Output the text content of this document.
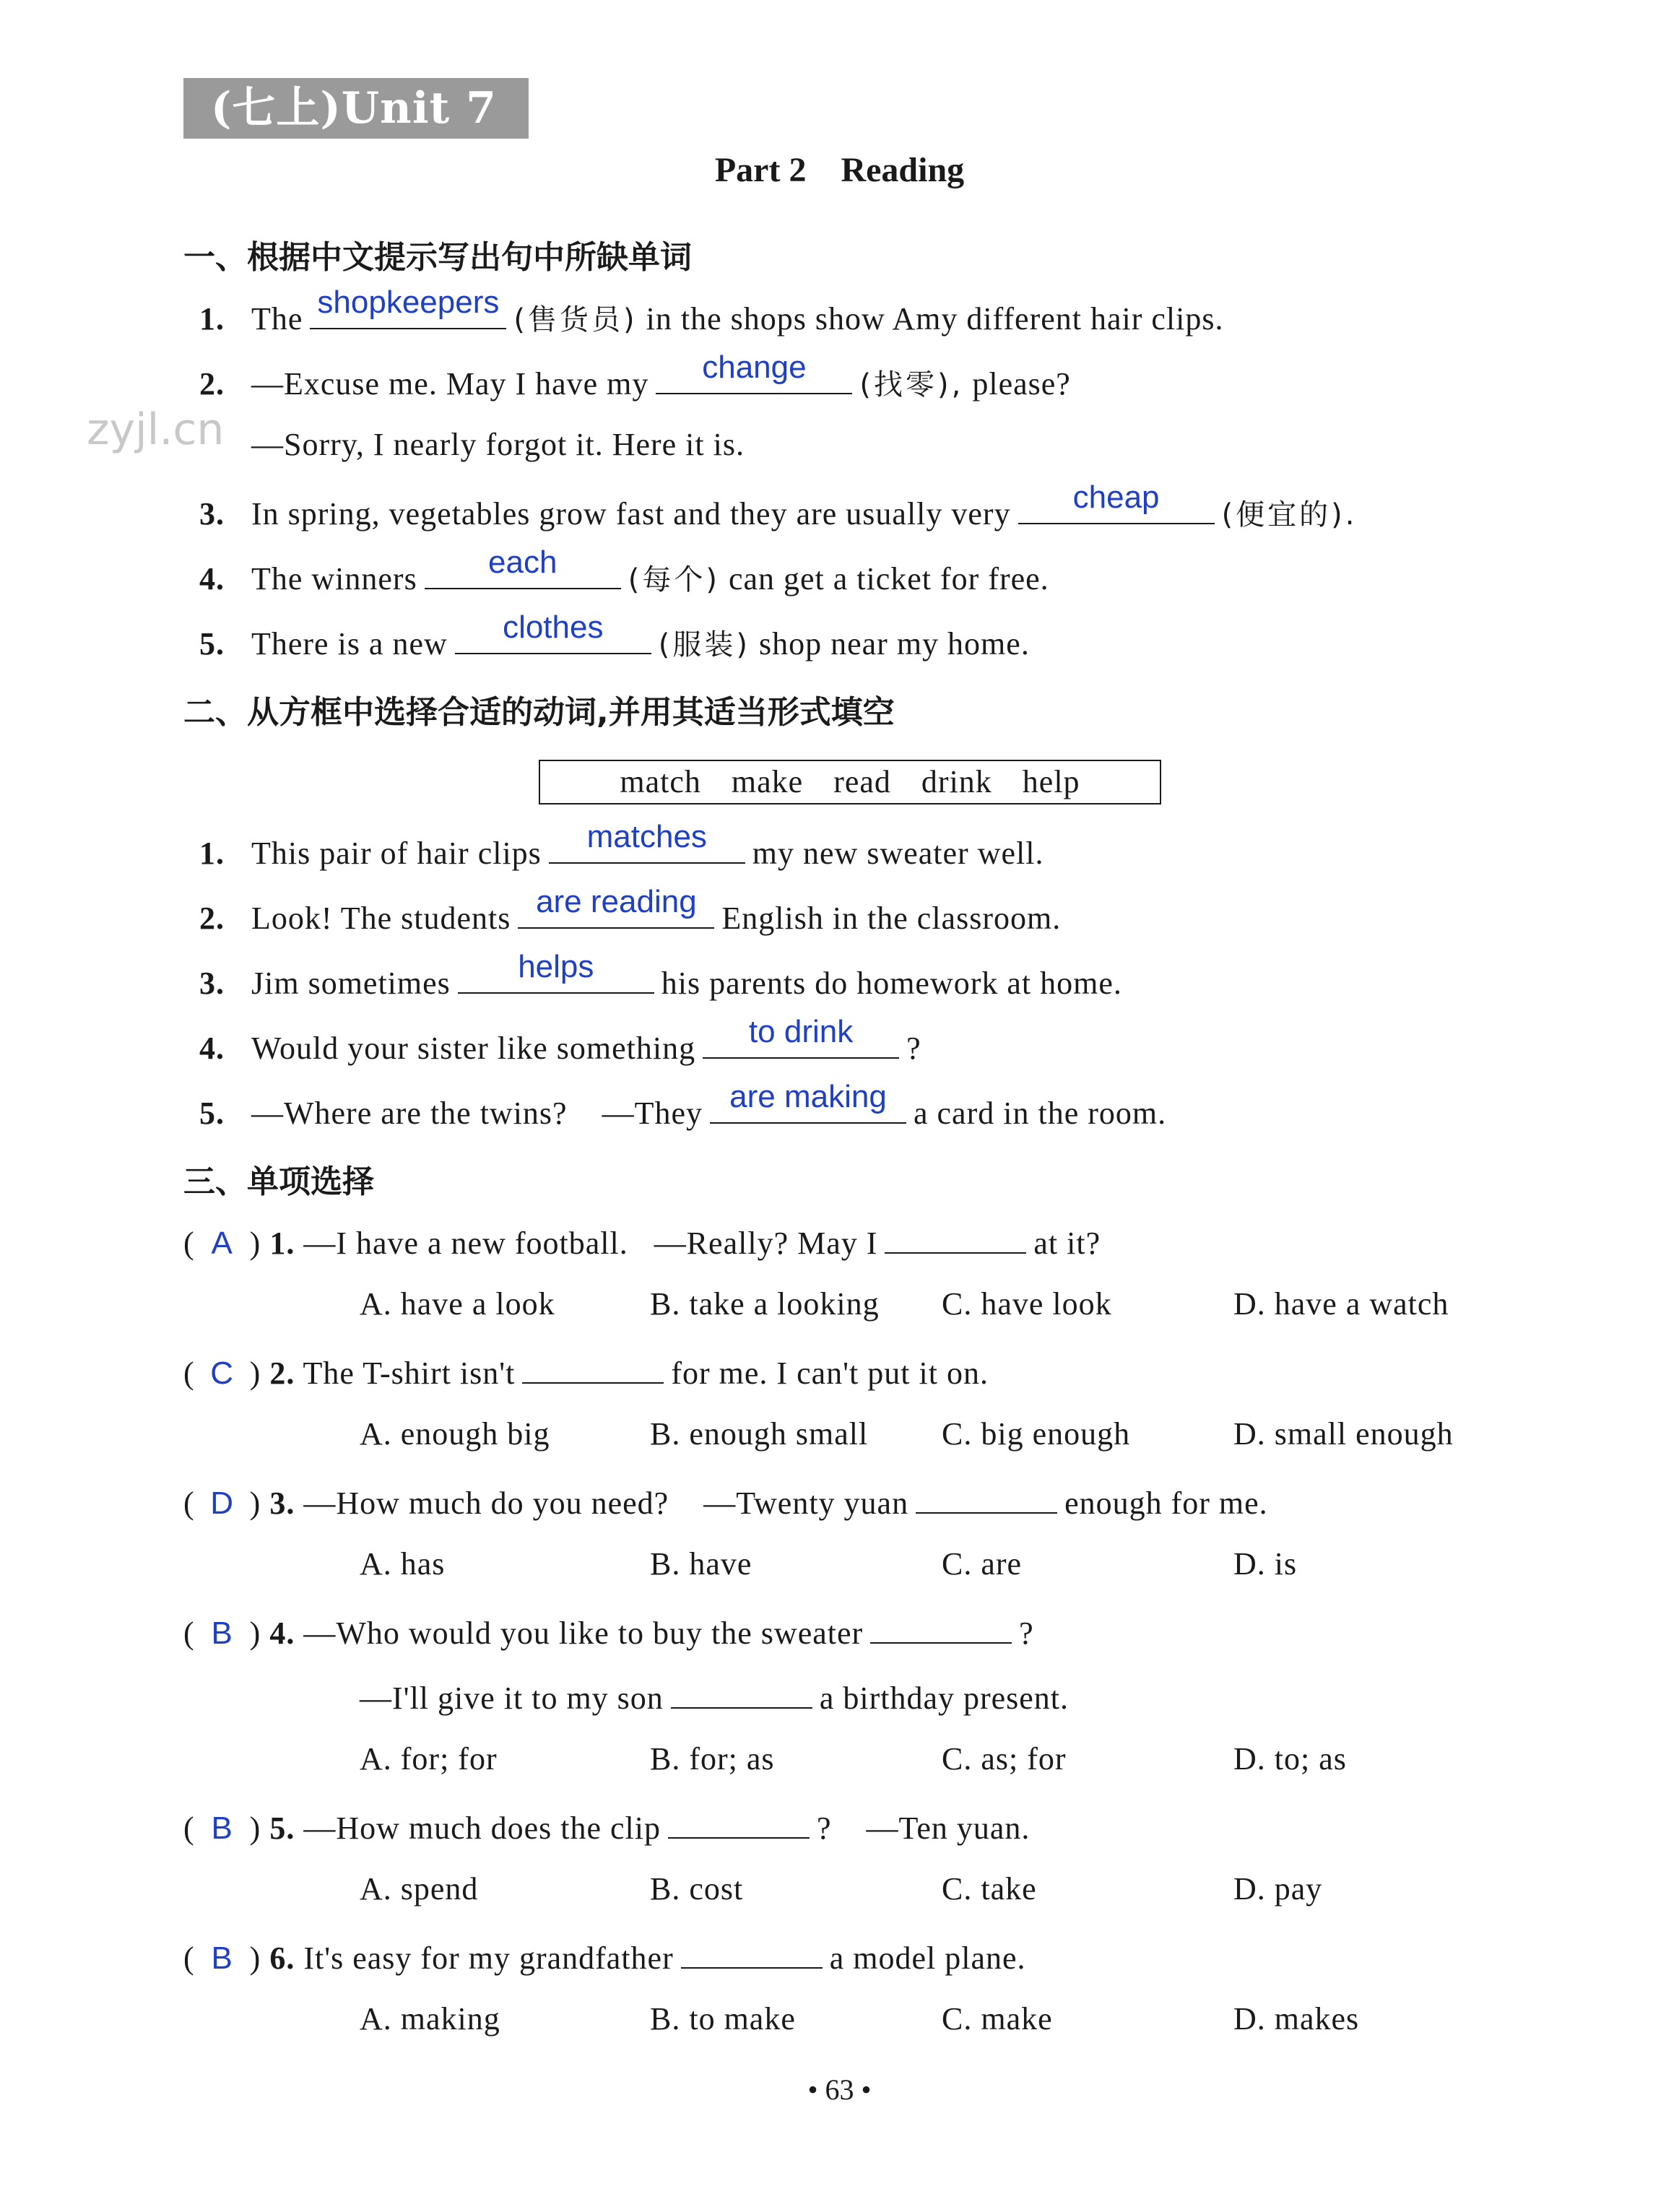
(七上)Unit 7
Part 2    Reading
zyjl.cn
一、根据中文提示写出句中所缺单词
1. The shopkeepers (售货员) in the shops show Amy different hair clips.
2. —Excuse me. May I have my	change	(找零), please?
—Sorry, I nearly forgot it. Here it is.
3. In spring, vegetables grow fast and they are usually very	cheap	(便宜的).
4. The winners	each	(每个) can get a ticket for free.
5. There is a new	clothes	(服装) shop near my home.
二、从方框中选择合适的动词,并用其适当形式填空
match make read drink help
1. This pair of hair clips	matches	my new sweater well.
2. Look! The students are reading English in the classroom.
3. Jim sometimes	helps	his parents do homework at home.
4. Would your sister like something	to drink	?
5. —Where are the twins?    —They are making a card in the room.
三、单项选择
( A ) 1. —I have a new football.   —Really? May I	at it?
A. have a look	B. take a looking C. have look	D. have a watch
( C ) 2. The T-shirt isn't	for me. I can't put it on.
A. enough big	B. enough small C. big enough	D. small enough
( D ) 3. —How much do you need?    —Twenty yuan	enough for me.
A. has	B. have	C. are	D. is
( B ) 4. —Who would you like to buy the sweater	?
—I'll give it to my son	a birthday present.
A. for; for	B. for; as	C. as; for	D. to; as
( B ) 5. —How much does the clip	?    —Ten yuan.
A. spend	B. cost	C. take	D. pay
( B ) 6. It's easy for my grandfather	a model plane.
A. making	B. to make	C. make	D. makes
• 63 •
